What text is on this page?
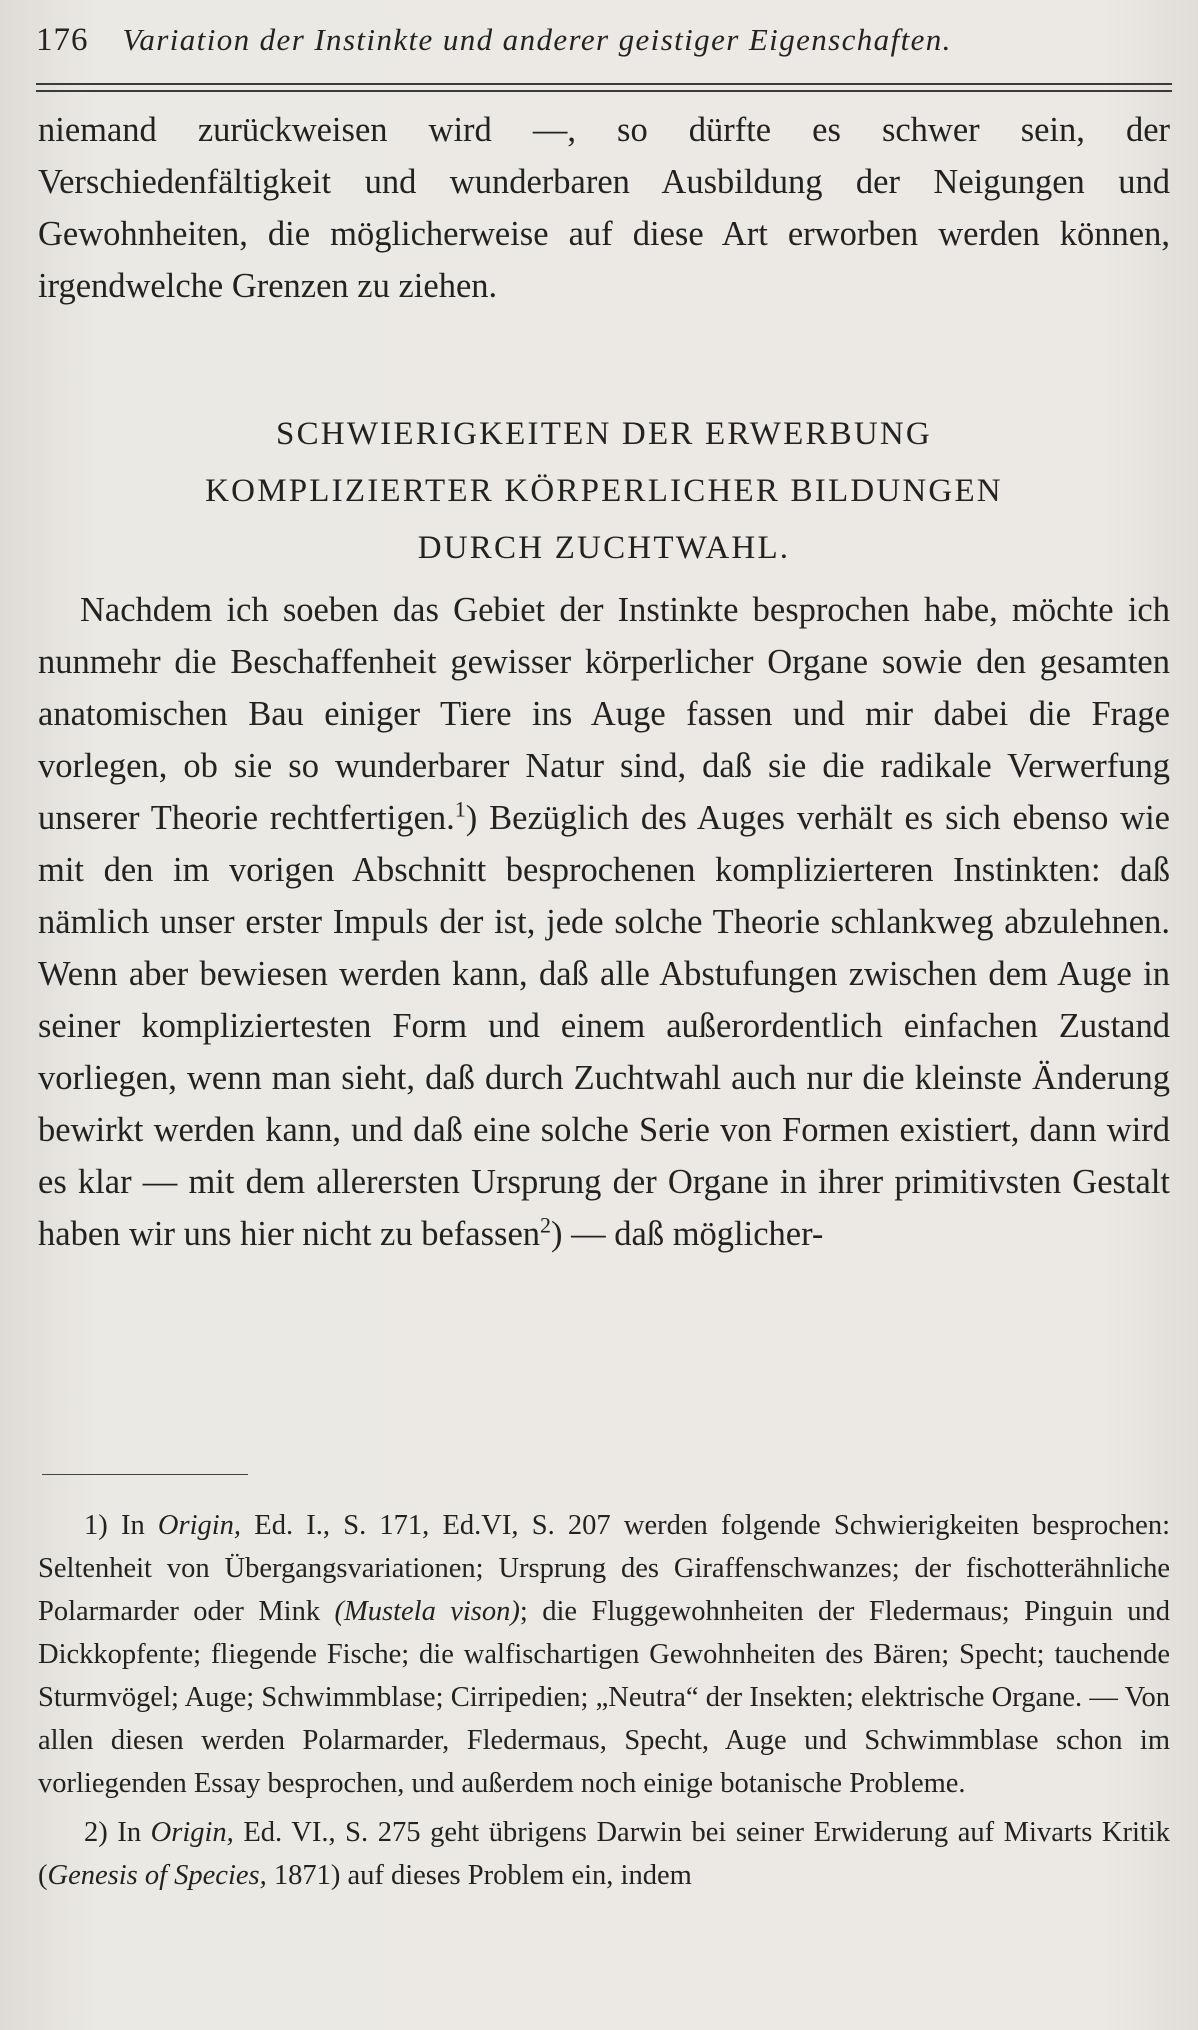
176 Variation der Instinkte und anderer geistiger Eigenschaften.

niemand zurückweisen wird —, so dürfte es schwer sein, der Verschiedenfältigkeit und wunderbaren Ausbildung der Neigungen und Gewohnheiten, die möglicherweise auf diese Art erworben werden können, irgendwelche Grenzen zu ziehen.

SCHWIERIGKEITEN DER ERWERBUNG
KOMPLIZIERTER KÖRPERLICHER BILDUNGEN
DURCH ZUCHTWAHL.

Nachdem ich soeben das Gebiet der Instinkte besprochen habe, möchte ich nunmehr die Beschaffenheit gewisser körperlicher Organe sowie den gesamten anatomischen Bau einiger Tiere ins Auge fassen und mir dabei die Frage vorlegen, ob sie so wunderbarer Natur sind, daß sie die radikale Verwerfung unserer Theorie rechtfertigen.$^1$) Bezüglich des Auges verhält es sich ebenso wie mit den im vorigen Abschnitt besprochenen komplizierteren Instinkten: daß nämlich unser erster Impuls der ist, jede solche Theorie schlankweg abzulehnen. Wenn aber bewiesen werden kann, daß alle Abstufungen zwischen dem Auge in seiner kompliziertesten Form und einem außerordentlich einfachen Zustand vorliegen, wenn man sieht, daß durch Zuchtwahl auch nur die kleinste Änderung bewirkt werden kann, und daß eine solche Serie von Formen existiert, dann wird es klar — mit dem allerersten Ursprung der Organe in ihrer primitivsten Gestalt haben wir uns hier nicht zu befassen$^2$) — daß möglicher-

1) In Origin, Ed. I., S. 171, Ed.VI, S. 207 werden folgende Schwierigkeiten besprochen: Seltenheit von Übergangsvariationen; Ursprung des Giraffenschwanzes; der fischotterähnliche Polarmarder oder Mink (Mustela vison); die Fluggewohnheiten der Fledermaus; Pinguin und Dickkopfente; fliegende Fische; die walfischartigen Gewohnheiten des Bären; Specht; tauchende Sturmvögel; Auge; Schwimmblase; Cirripedien; „Neutra“ der Insekten; elektrische Organe. — Von allen diesen werden Polarmarder, Fledermaus, Specht, Auge und Schwimmblase schon im vorliegenden Essay besprochen, und außerdem noch einige botanische Probleme.

2) In Origin, Ed. VI., S. 275 geht übrigens Darwin bei seiner Erwiderung auf Mivarts Kritik (Genesis of Species, 1871) auf dieses Problem ein, indem
